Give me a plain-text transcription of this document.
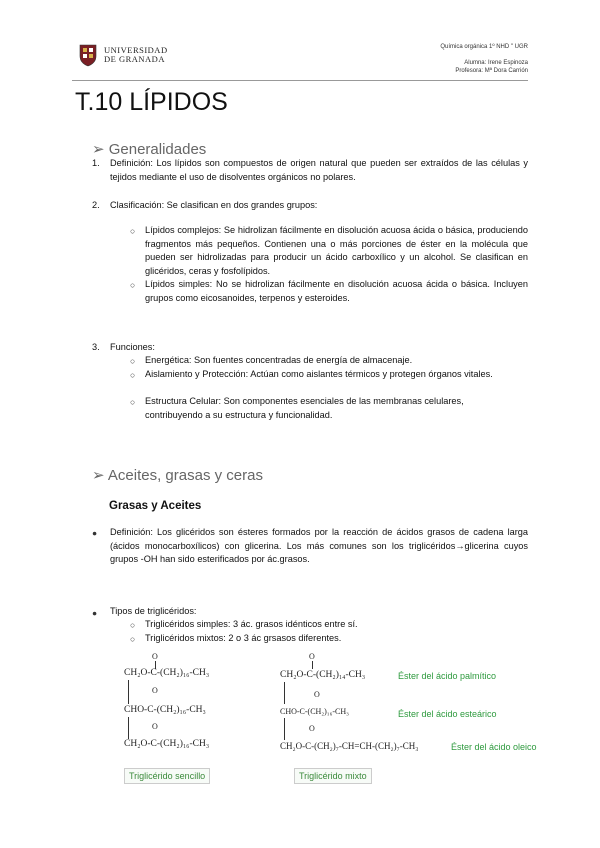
UNIVERSIDAD
DE GRANADA
Química orgánica 1º NHD " UGR
Alumna: Irene Espinoza
Profesora: Mª Dora Carrión
T.10 LÍPIDOS
➢ Generalidades
1. Definición: Los lípidos son compuestos de origen natural que pueden ser extraídos de las células y tejidos mediante el uso de disolventes orgánicos no polares.
2. Clasificación: Se clasifican en dos grandes grupos:
○ Lípidos complejos: Se hidrolizan fácilmente en disolución acuosa ácida o básica, produciendo fragmentos más pequeños. Contienen una o más porciones de éster en la molécula que pueden ser hidrolizadas para producir un ácido carboxílico y un alcohol. Se clasifican en glicéridos, ceras y fosfolípidos.
○ Lípidos simples: No se hidrolizan fácilmente en disolución acuosa ácida o básica. Incluyen grupos como eicosanoides, terpenos y esteroides.
3. Funciones:
○ Energética: Son fuentes concentradas de energía de almacenaje.
○ Aislamiento y Protección: Actúan como aislantes térmicos y protegen órganos vitales.
○ Estructura Celular: Son componentes esenciales de las membranas celulares, contribuyendo a su estructura y funcionalidad.
➢ Aceites, grasas y ceras
Grasas y Aceites
● Definición: Los glicéridos son ésteres formados por la reacción de ácidos grasos de cadena larga (ácidos monocarboxílicos) con glicerina. Los más comunes son los triglicéridos→glicerina cuyos grupos -OH han sido esterificados por ác.grasos.
● Tipos de triglicéridos:
○ Triglicéridos simples: 3 ác. grasos idénticos entre sí.
○ Triglicéridos mixtos: 2 o 3 ác grsasos diferentes.
O
CH₂O-C-(CH₂)₁₆-CH₃
O
CHO-C-(CH₂)₁₆-CH₃
O
CH₂O-C-(CH₂)₁₆-CH₃
Triglicérido sencillo
O
CH₂O-C-(CH₂)₁₄-CH₃	Éster del ácido palmítico
O
CHO-C-(CH₂)₁₆-CH₃	Éster del ácido esteárico
O
CH₂O-C-(CH₂)₇-CH=CH-(CH₂)₇-CH₃	Éster del ácido oleico
Triglicérido mixto
